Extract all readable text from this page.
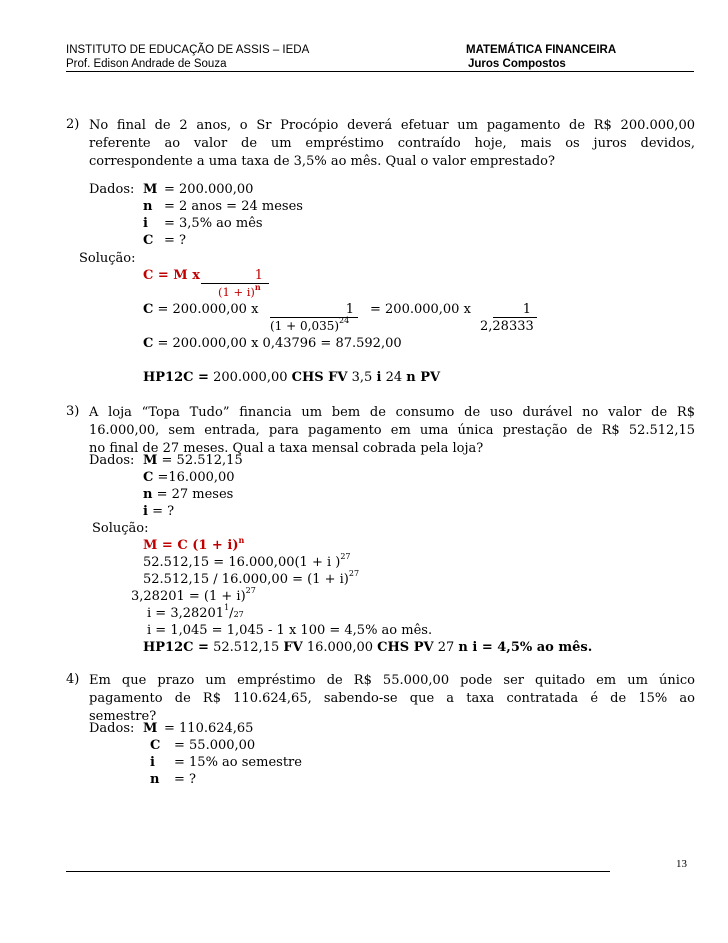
INSTITUTO DE EDUCAÇÃO DE ASSIS – IEDA
Prof. Edison Andrade de Souza
MATEMÁTICA FINANCEIRA
Juros Compostos
2) No final de 2 anos, o Sr Procópio deverá efetuar um pagamento de R$ 200.000,00
referente ao valor de um empréstimo contraído hoje, mais os juros devidos,
correspondente a uma taxa de 3,5% ao mês. Qual o valor emprestado?
Dados: M = 200.000,00
n = 2 anos = 24 meses
i = 3,5% ao mês
C = ?
Solução:
C = M x	1
$(1 + i)^n$
C = 200.000,00 x	1
$(1 + 0,035)^{24}$
= 200.000,00 x	1
2,28333
C = 200.000,00 x 0,43796 = 87.592,00
HP12C = 200.000,00 CHS FV 3,5 i 24 n PV
3) A loja “Topa Tudo” financia um bem de consumo de uso durável no valor de R$
16.000,00, sem entrada, para pagamento em uma única prestação de R$ 52.512,15
no final de 27 meses. Qual a taxa mensal cobrada pela loja?
Dados: M = 52.512,15
C =16.000,00
n = 27 meses
i = ?
Solução:
M = C $(1 + i)^n$
52.512,15 = 16.000,00(1 + i )$^{27}$
$52.512,15 / 16.000,00 = (1 + i)^{27}$
$3,28201 = (1 + i)^{27}$
$i = 3,28201^1/27$
i = 1,045 = 1,045 - 1 x 100 = 4,5% ao mês.
HP12C = 52.512,15 FV 16.000,00 CHS PV 27 n i = 4,5% ao mês.
4) Em que prazo um empréstimo de R$ 55.000,00 pode ser quitado em um único
pagamento de R$ 110.624,65, sabendo-se que a taxa contratada é de 15% ao
semestre?
Dados: M = 110.624,65
C = 55.000,00
i = 15% ao semestre
n = ?
13
